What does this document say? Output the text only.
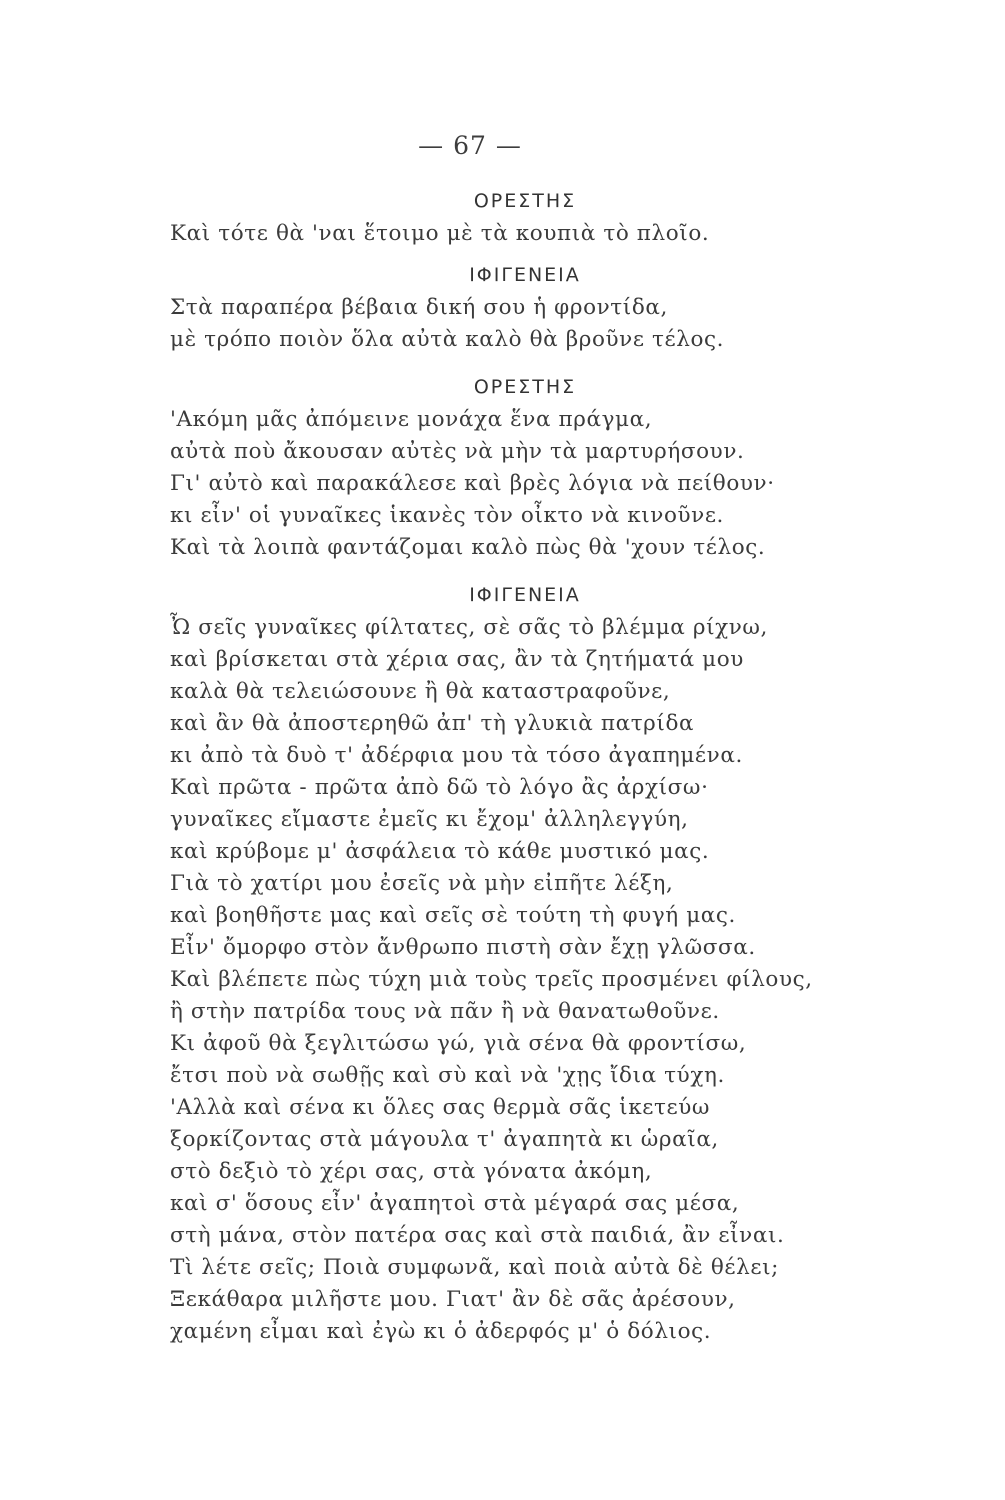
— 67 —
ΟΡΕΣΤΗΣ
Καὶ τότε θὰ 'ναι ἕτοιμο μὲ τὰ κουπιὰ τὸ πλοῖο.
ΙΦΙΓΕΝΕΙΑ
Στὰ παραπέρα βέβαια δική σου ἡ φροντίδα,
μὲ τρόπο ποιὸν ὅλα αὐτὰ καλὸ θὰ βροῦνε τέλος.
ΟΡΕΣΤΗΣ
'Ακόμη μᾶς ἀπόμεινε μονάχα ἕνα πράγμα,
αὐτὰ ποὺ ἄκουσαν αὐτὲς νὰ μὴν τὰ μαρτυρήσουν.
Γι' αὐτὸ καὶ παρακάλεσε καὶ βρὲς λόγια νὰ πείθουν·
κι εἶν' οἱ γυναῖκες ἱκανὲς τὸν οἶκτο νὰ κινοῦνε.
Καὶ τὰ λοιπὰ φαντάζομαι καλὸ πὼς θὰ 'χουν τέλος.
ΙΦΙΓΕΝΕΙΑ
Ὦ σεῖς γυναῖκες φίλτατες, σὲ σᾶς τὸ βλέμμα ρίχνω,
καὶ βρίσκεται στὰ χέρια σας, ἂν τὰ ζητήματά μου
καλὰ θὰ τελειώσουνε ἢ θὰ καταστραφοῦνε,
καὶ ἂν θὰ ἀποστερηθῶ ἀπ' τὴ γλυκιὰ πατρίδα
κι ἀπὸ τὰ δυὸ τ' ἀδέρφια μου τὰ τόσο ἀγαπημένα.
Καὶ πρῶτα - πρῶτα ἀπὸ δῶ τὸ λόγο ἂς ἀρχίσω·
γυναῖκες εἴμαστε ἐμεῖς κι ἔχομ' ἀλληλεγγύη,
καὶ κρύβομε μ' ἀσφάλεια τὸ κάθε μυστικό μας.
Γιὰ τὸ χατίρι μου ἐσεῖς νὰ μὴν εἰπῆτε λέξη,
καὶ βοηθῆστε μας καὶ σεῖς σὲ τούτη τὴ φυγή μας.
Εἶν' ὄμορφο στὸν ἄνθρωπο πιστὴ σὰν ἔχῃ γλῶσσα.
Καὶ βλέπετε πὼς τύχη μιὰ τοὺς τρεῖς προσμένει φίλους,
ἢ στὴν πατρίδα τους νὰ πᾶν ἢ νὰ θανατωθοῦνε.
Κι ἀφοῦ θὰ ξεγλιτώσω γώ, γιὰ σένα θὰ φροντίσω,
ἔτσι ποὺ νὰ σωθῇς καὶ σὺ καὶ νὰ 'χῃς ἴδια τύχη.
'Αλλὰ καὶ σένα κι ὅλες σας θερμὰ σᾶς ἱκετεύω
ξορκίζοντας στὰ μάγουλα τ' ἀγαπητὰ κι ὡραῖα,
στὸ δεξιὸ τὸ χέρι σας, στὰ γόνατα ἀκόμη,
καὶ σ' ὅσους εἶν' ἀγαπητοὶ στὰ μέγαρά σας μέσα,
στὴ μάνα, στὸν πατέρα σας καὶ στὰ παιδιά, ἂν εἶναι.
Τὶ λέτε σεῖς; Ποιὰ συμφωνᾶ, καὶ ποιὰ αὐτὰ δὲ θέλει;
Ξεκάθαρα μιλῆστε μου. Γιατ' ἂν δὲ σᾶς ἀρέσουν,
χαμένη εἶμαι καὶ ἐγὼ κι ὁ ἀδερφός μ' ὁ δόλιος.
